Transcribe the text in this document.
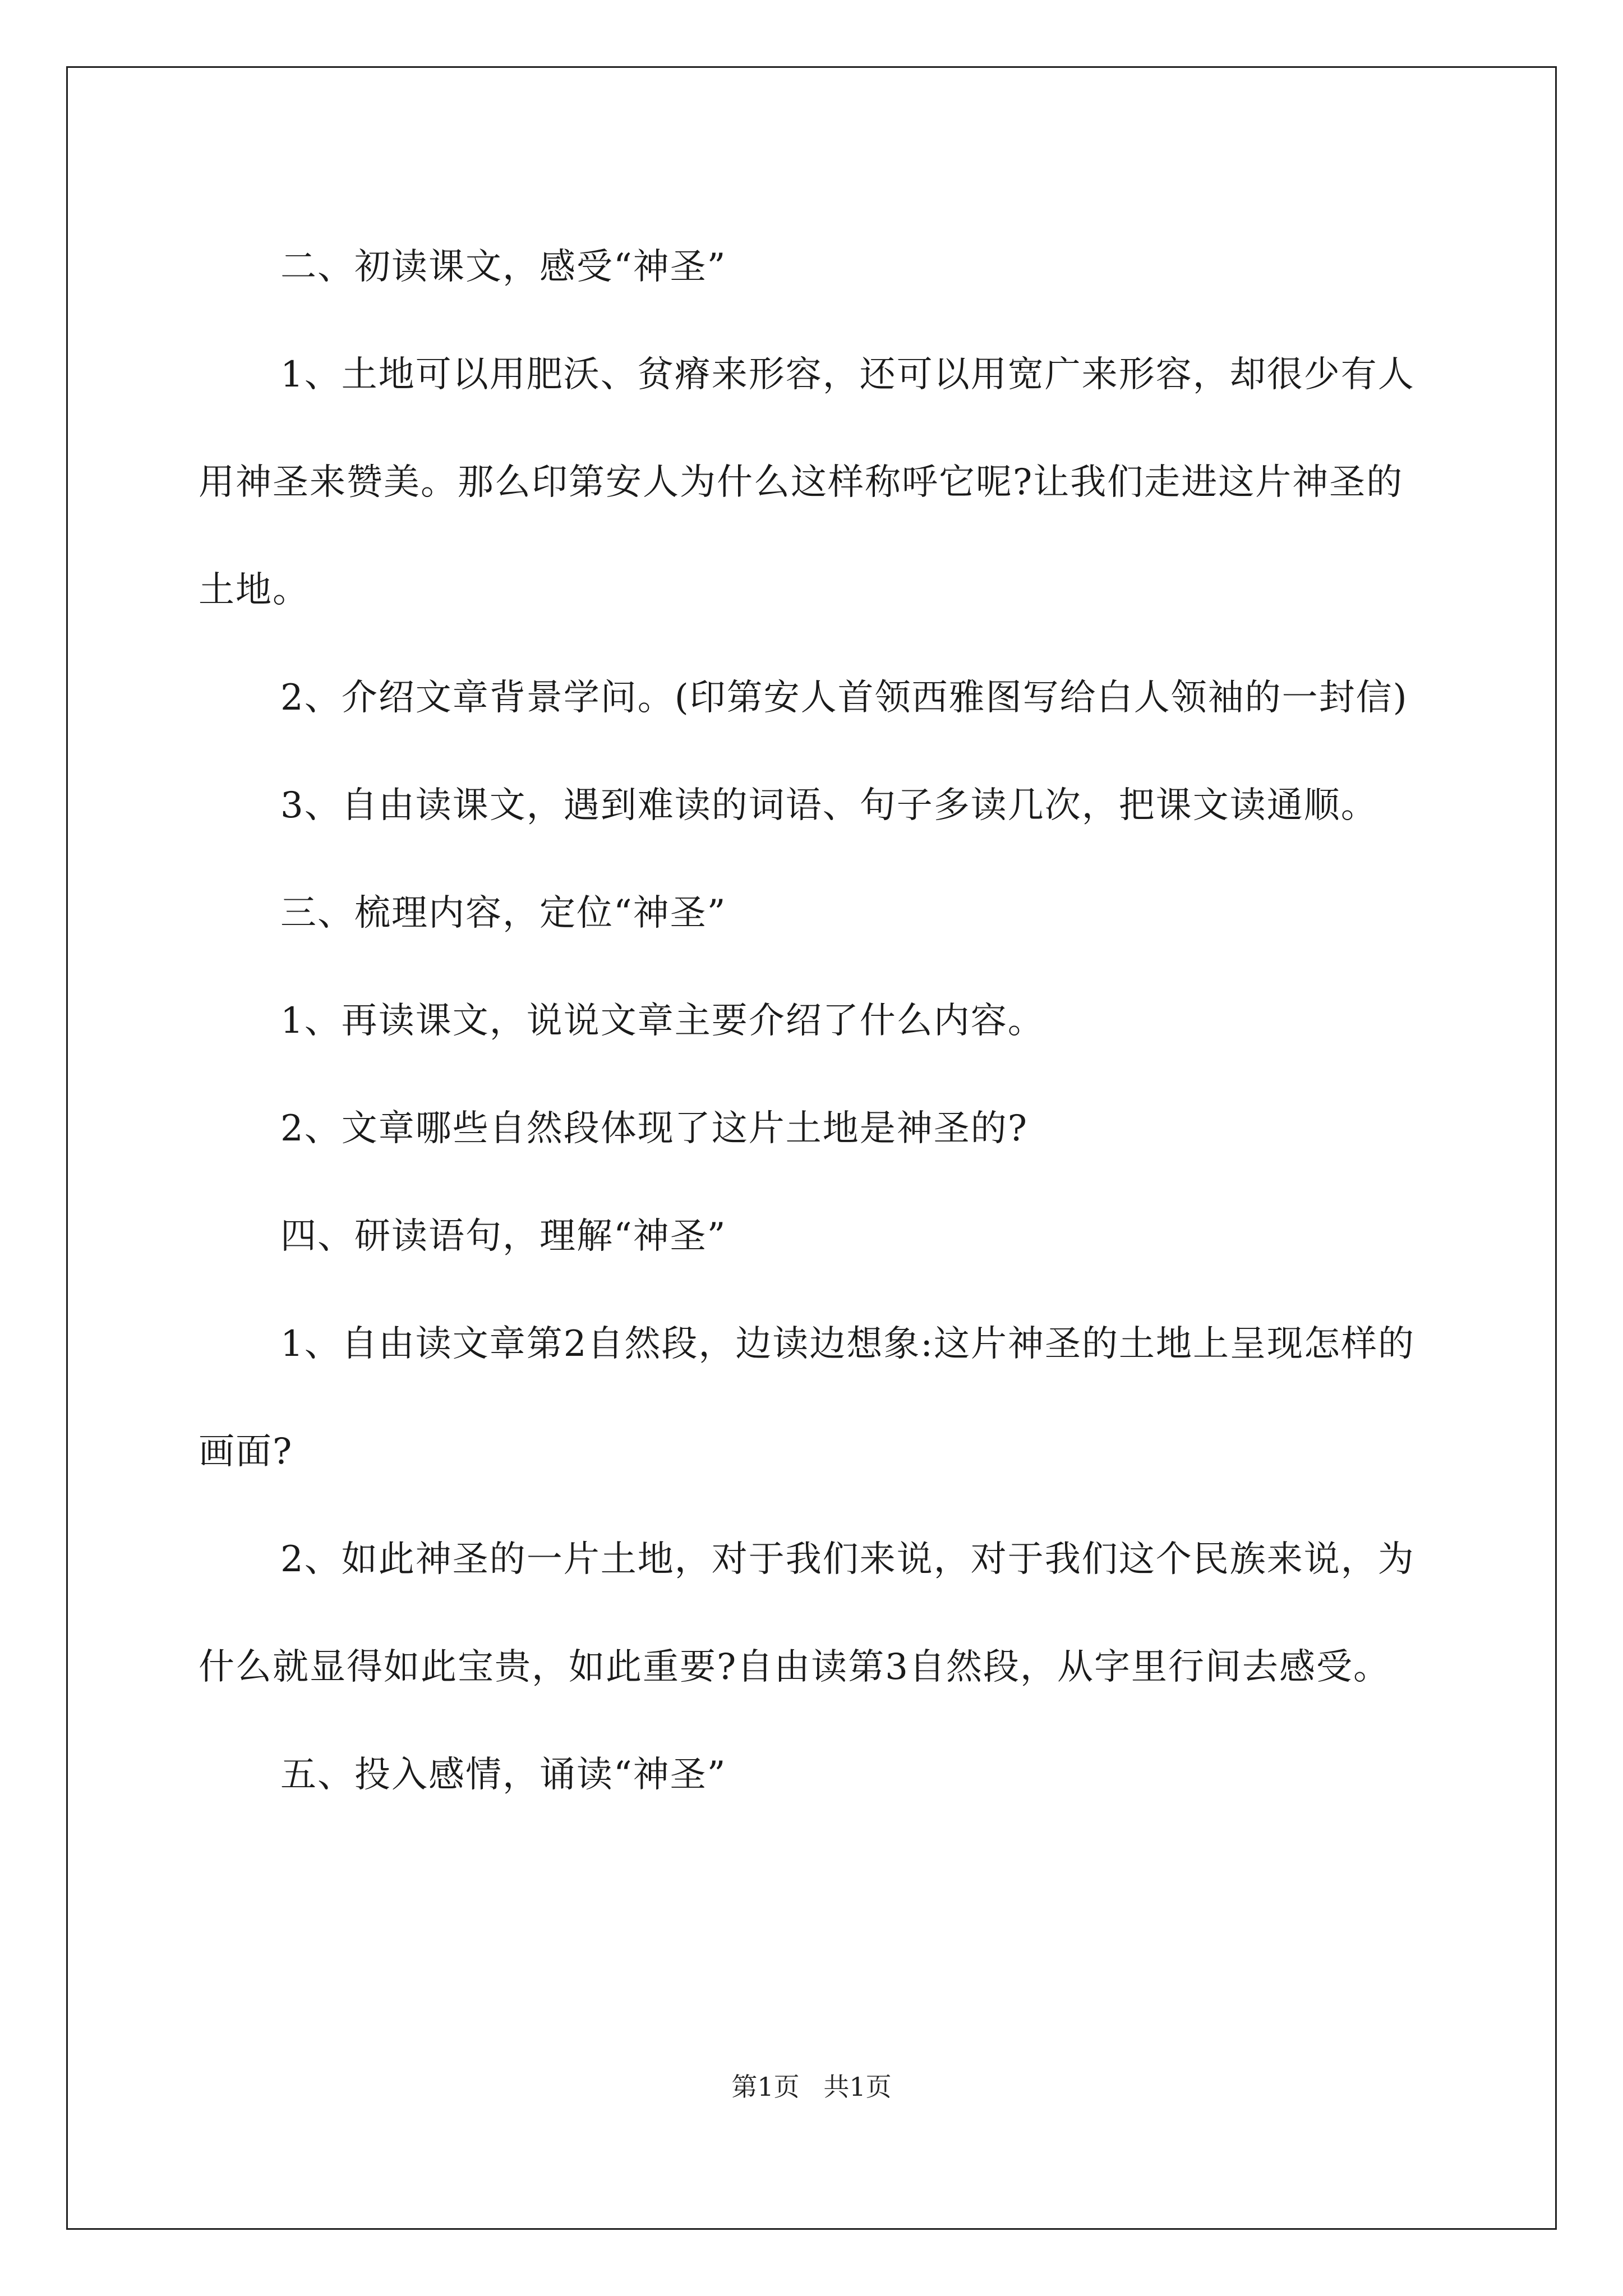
二、初读课文，感受“神圣”

1、土地可以用肥沃、贫瘠来形容，还可以用宽广来形容，却很少有人用神圣来赞美。那么印第安人为什么这样称呼它呢?让我们走进这片神圣的土地。

2、介绍文章背景学问。(印第安人首领西雅图写给白人领袖的一封信)

3、自由读课文，遇到难读的词语、句子多读几次，把课文读通顺。

三、梳理内容，定位“神圣”

1、再读课文，说说文章主要介绍了什么内容。

2、文章哪些自然段体现了这片土地是神圣的?

四、研读语句，理解“神圣”

1、自由读文章第2自然段，边读边想象:这片神圣的土地上呈现怎样的画面?

2、如此神圣的一片土地，对于我们来说，对于我们这个民族来说，为什么就显得如此宝贵，如此重要?自由读第3自然段，从字里行间去感受。

五、投入感情，诵读“神圣”

第1页 共1页
